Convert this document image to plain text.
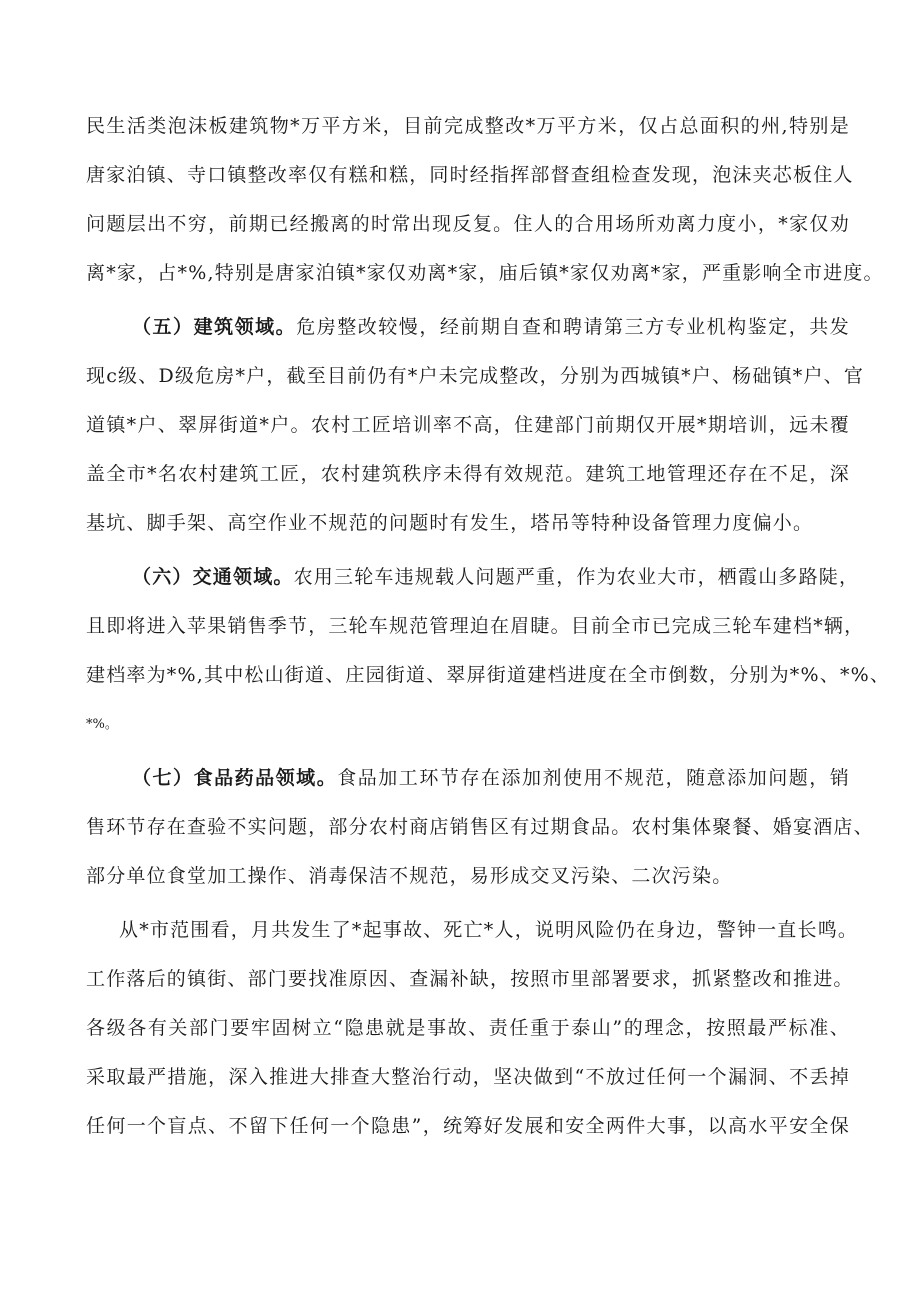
民生活类泡沫板建筑物*万平方米，目前完成整改*万平方米，仅占总面积的州,特别是
唐家泊镇、寺口镇整改率仅有糕和糕，同时经指挥部督查组检查发现，泡沫夹芯板住人
问题层出不穷，前期已经搬离的时常出现反复。住人的合用场所劝离力度小，*家仅劝
离*家，占*%,特别是唐家泊镇*家仅劝离*家，庙后镇*家仅劝离*家，严重影响全市进度。
（五）建筑领域。危房整改较慢，经前期自查和聘请第三方专业机构鉴定，共发
现c级、D级危房*户，截至目前仍有*户未完成整改，分别为西城镇*户、杨础镇*户、官
道镇*户、翠屏街道*户。农村工匠培训率不高，住建部门前期仅开展*期培训，远未覆
盖全市*名农村建筑工匠，农村建筑秩序未得有效规范。建筑工地管理还存在不足，深
基坑、脚手架、高空作业不规范的问题时有发生，塔吊等特种设备管理力度偏小。
（六）交通领域。农用三轮车违规载人问题严重，作为农业大市，栖霞山多路陡，
且即将进入苹果销售季节，三轮车规范管理迫在眉睫。目前全市已完成三轮车建档*辆，
建档率为*%,其中松山街道、庄园街道、翠屏街道建档进度在全市倒数，分别为*%、*%、
*%。
（七）食品药品领域。食品加工环节存在添加剂使用不规范，随意添加问题，销
售环节存在查验不实问题，部分农村商店销售区有过期食品。农村集体聚餐、婚宴酒店、
部分单位食堂加工操作、消毒保洁不规范，易形成交叉污染、二次污染。
从*市范围看，月共发生了*起事故、死亡*人，说明风险仍在身边，警钟一直长鸣。
工作落后的镇街、部门要找准原因、查漏补缺，按照市里部署要求，抓紧整改和推进。
各级各有关部门要牢固树立“隐患就是事故、责任重于泰山”的理念，按照最严标准、
采取最严措施，深入推进大排查大整治行动，坚决做到“不放过任何一个漏洞、不丢掉
任何一个盲点、不留下任何一个隐患”，统筹好发展和安全两件大事，以高水平安全保
